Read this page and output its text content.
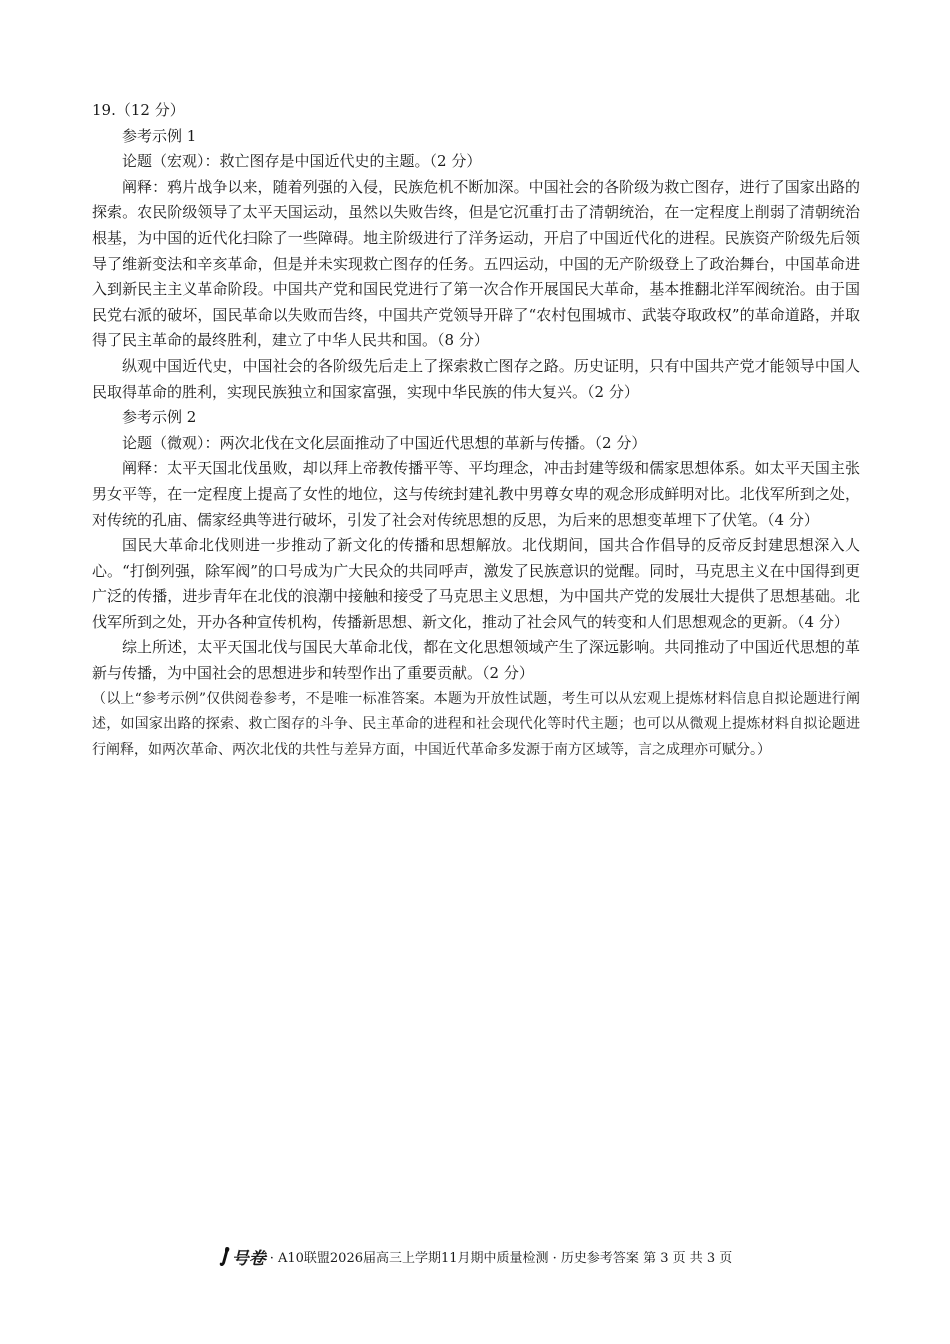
19.（12 分）

参考示例 1

论题（宏观）：救亡图存是中国近代史的主题。（2 分）

阐释：鸦片战争以来，随着列强的入侵，民族危机不断加深。中国社会的各阶级为救亡图存，进行了国家出路的探索。农民阶级领导了太平天国运动，虽然以失败告终，但是它沉重打击了清朝统治，在一定程度上削弱了清朝统治根基，为中国的近代化扫除了一些障碍。地主阶级进行了洋务运动，开启了中国近代化的进程。民族资产阶级先后领导了维新变法和辛亥革命，但是并未实现救亡图存的任务。五四运动，中国的无产阶级登上了政治舞台，中国革命进入到新民主主义革命阶段。中国共产党和国民党进行了第一次合作开展国民大革命，基本推翻北洋军阀统治。由于国民党右派的破坏，国民革命以失败而告终，中国共产党领导开辟了“农村包围城市、武装夺取政权”的革命道路，并取得了民主革命的最终胜利，建立了中华人民共和国。（8 分）

纵观中国近代史，中国社会的各阶级先后走上了探索救亡图存之路。历史证明，只有中国共产党才能领导中国人民取得革命的胜利，实现民族独立和国家富强，实现中华民族的伟大复兴。（2 分）

参考示例 2

论题（微观）：两次北伐在文化层面推动了中国近代思想的革新与传播。（2 分）

阐释：太平天国北伐虽败，却以拜上帝教传播平等、平均理念，冲击封建等级和儒家思想体系。如太平天国主张男女平等，在一定程度上提高了女性的地位，这与传统封建礼教中男尊女卑的观念形成鲜明对比。北伐军所到之处，对传统的孔庙、儒家经典等进行破坏，引发了社会对传统思想的反思，为后来的思想变革埋下了伏笔。（4 分）

国民大革命北伐则进一步推动了新文化的传播和思想解放。北伐期间，国共合作倡导的反帝反封建思想深入人心。“打倒列强，除军阀”的口号成为广大民众的共同呼声，激发了民族意识的觉醒。同时，马克思主义在中国得到更广泛的传播，进步青年在北伐的浪潮中接触和接受了马克思主义思想，为中国共产党的发展壮大提供了思想基础。北伐军所到之处，开办各种宣传机构，传播新思想、新文化，推动了社会风气的转变和人们思想观念的更新。（4 分）

综上所述，太平天国北伐与国民大革命北伐，都在文化思想领域产生了深远影响。共同推动了中国近代思想的革新与传播，为中国社会的思想进步和转型作出了重要贡献。（2 分）

（以上“参考示例”仅供阅卷参考，不是唯一标准答案。本题为开放性试题，考生可以从宏观上提炼材料信息自拟论题进行阐述，如国家出路的探索、救亡图存的斗争、民主革命的进程和社会现代化等时代主题；也可以从微观上提炼材料自拟论题进行阐释，如两次革命、两次北伐的共性与差异方面，中国近代革命多发源于南方区域等，言之成理亦可赋分。）

号卷 · A10联盟2026届高三上学期11月期中质量检测 · 历史参考答案 第 3 页 共 3 页
